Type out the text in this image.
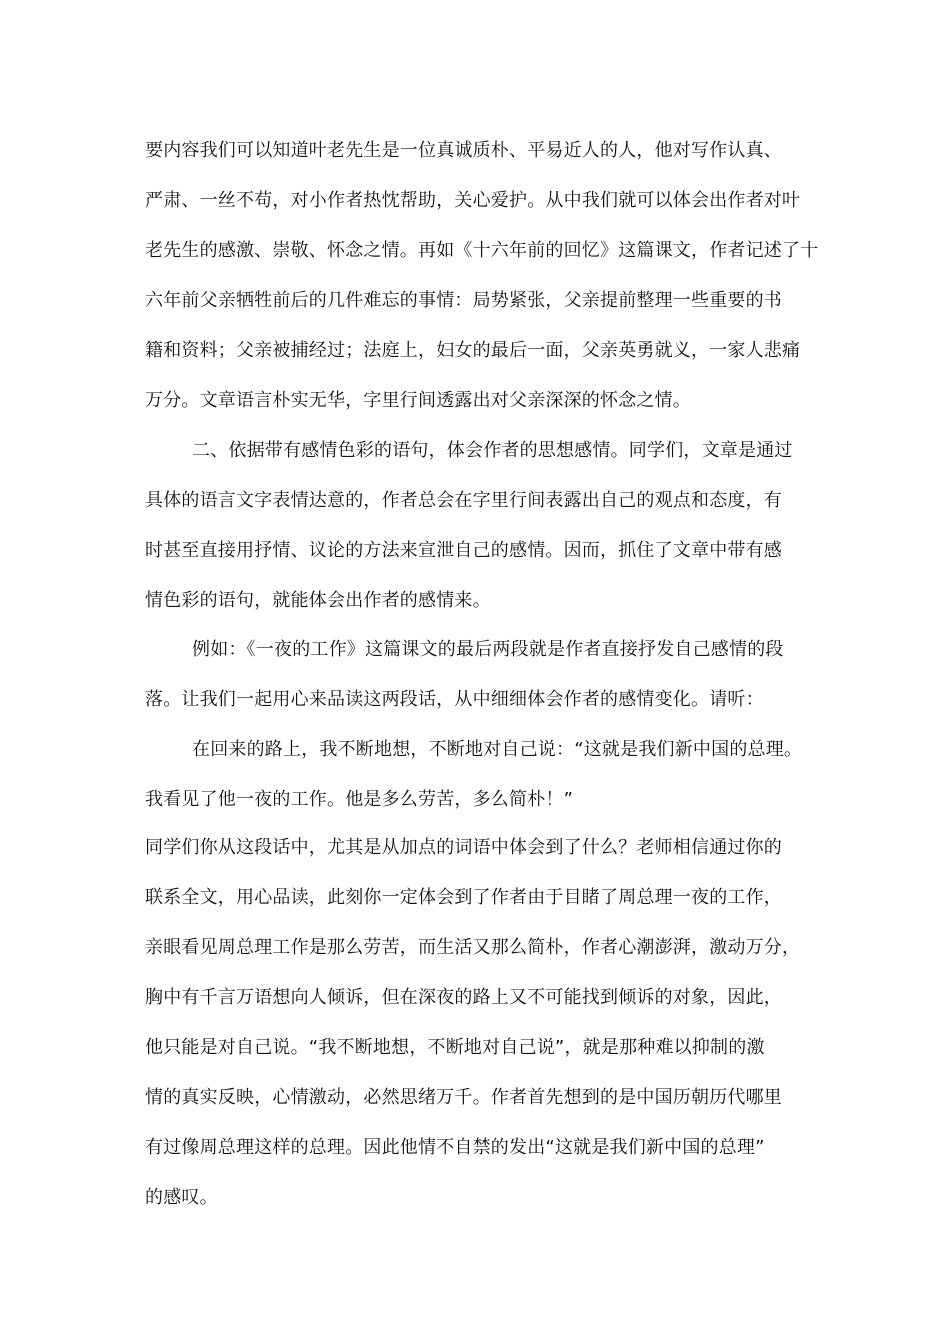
要内容我们可以知道叶老先生是一位真诚质朴、平易近人的人，他对写作认真、
严肃、一丝不苟，对小作者热忱帮助，关心爱护。从中我们就可以体会出作者对叶
老先生的感激、崇敬、怀念之情。再如《十六年前的回忆》这篇课文，作者记述了十
六年前父亲牺牲前后的几件难忘的事情：局势紧张，父亲提前整理一些重要的书
籍和资料；父亲被捕经过；法庭上，妇女的最后一面，父亲英勇就义，一家人悲痛
万分。文章语言朴实无华，字里行间透露出对父亲深深的怀念之情。
二、依据带有感情色彩的语句，体会作者的思想感情。同学们，文章是通过
具体的语言文字表情达意的，作者总会在字里行间表露出自己的观点和态度，有
时甚至直接用抒情、议论的方法来宣泄自己的感情。因而，抓住了文章中带有感
情色彩的语句，就能体会出作者的感情来。
例如：《一夜的工作》这篇课文的最后两段就是作者直接抒发自己感情的段
落。让我们一起用心来品读这两段话，从中细细体会作者的感情变化。请听：
在回来的路上，我不断地想，不断地对自己说：“这就是我们新中国的总理。
我看见了他一夜的工作。他是多么劳苦，多么简朴！”
同学们你从这段话中，尤其是从加点的词语中体会到了什么？老师相信通过你的
联系全文，用心品读，此刻你一定体会到了作者由于目睹了周总理一夜的工作，
亲眼看见周总理工作是那么劳苦，而生活又那么简朴，作者心潮澎湃，激动万分，
胸中有千言万语想向人倾诉，但在深夜的路上又不可能找到倾诉的对象，因此，
他只能是对自己说。“我不断地想，不断地对自己说”，就是那种难以抑制的激
情的真实反映，心情激动，必然思绪万千。作者首先想到的是中国历朝历代哪里
有过像周总理这样的总理。因此他情不自禁的发出“这就是我们新中国的总理”
的感叹。
